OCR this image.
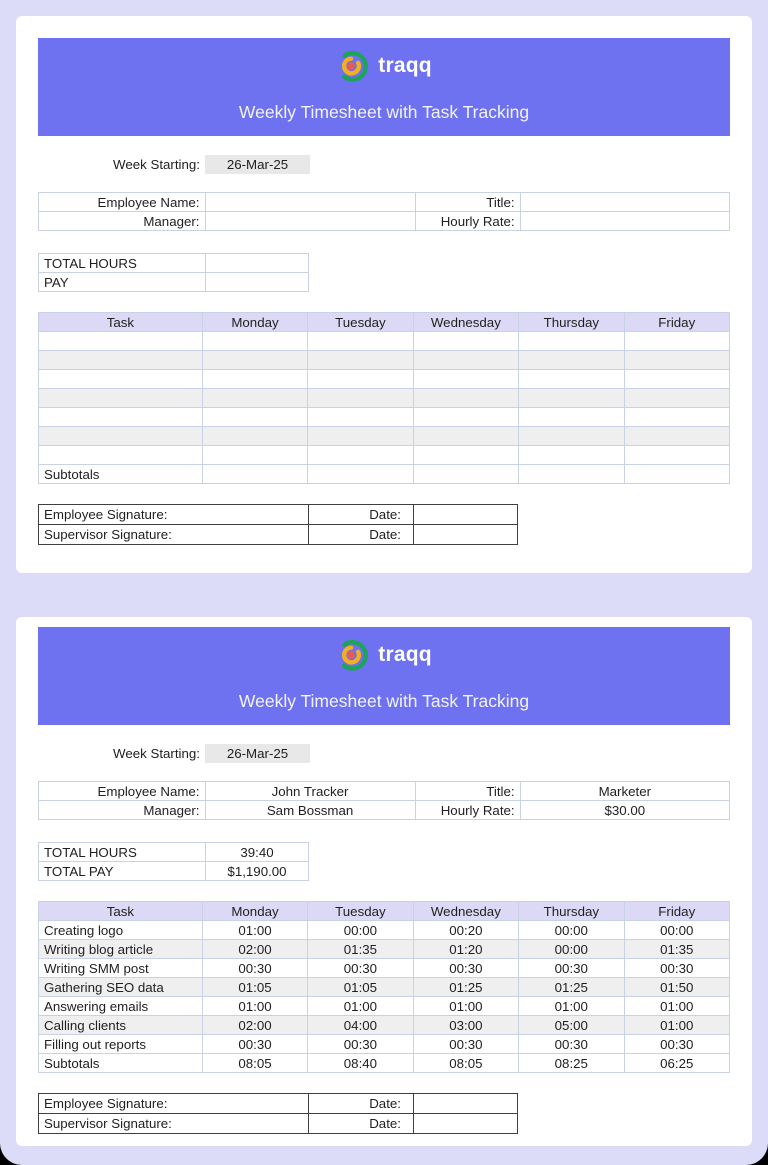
traqq
Weekly Timesheet with Task Tracking
Week Starting:	26-Mar-25
Employee Name:		Title:	
Manager:		Hourly Rate:	
TOTAL HOURS	
PAY	
Task	Monday	Tuesday	Wednesday	Thursday	Friday

Subtotals					
Employee Signature:	Date:	
Supervisor Signature:	Date:	
traqq
Weekly Timesheet with Task Tracking
Week Starting:	26-Mar-25
Employee Name:	John Tracker	Title:	Marketer
Manager:	Sam Bossman	Hourly Rate:	$30.00
TOTAL HOURS	39:40
TOTAL PAY	$1,190.00
Task	Monday	Tuesday	Wednesday	Thursday	Friday
Creating logo	01:00	00:00	00:20	00:00	00:00
Writing blog article	02:00	01:35	01:20	00:00	01:35
Writing SMM post	00:30	00:30	00:30	00:30	00:30
Gathering SEO data	01:05	01:05	01:25	01:25	01:50
Answering emails	01:00	01:00	01:00	01:00	01:00
Calling clients	02:00	04:00	03:00	05:00	01:00
Filling out reports	00:30	00:30	00:30	00:30	00:30
Subtotals	08:05	08:40	08:05	08:25	06:25
Employee Signature:	Date:	
Supervisor Signature:	Date:	
